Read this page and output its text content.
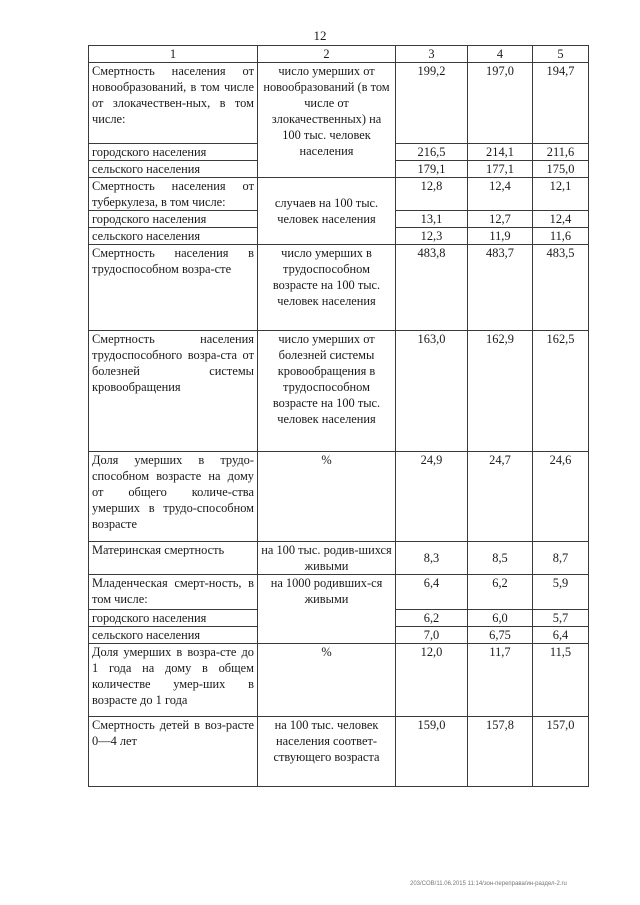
12
1	2	3	4	5
Смертность населения от новообразований, в том числе от злокачествен-ных, в том числе:	число умерших от новообразований (в том числе от злокачественных) на 100 тыс. человек населения	199,2	197,0	194,7
городского населения		216,5	214,1	211,6
сельского населения		179,1	177,1	175,0
Смертность населения от туберкулеза, в том числе:	случаев на 100 тыс. человек населения	12,8	12,4	12,1
городского населения		13,1	12,7	12,4
сельского населения		12,3	11,9	11,6
Смертность населения в трудоспособном возра-сте	число умерших в трудоспособном возрасте на 100 тыс. человек населения	483,8	483,7	483,5
Смертность населения трудоспособного возра-ста от болезней системы кровообращения	число умерших от болезней системы кровообращения в трудоспособном возрасте на 100 тыс. человек населения	163,0	162,9	162,5
Доля умерших в трудо-способном возрасте на дому от общего количе-ства умерших в трудо-способном возрасте	%	24,9	24,7	24,6
Материнская смертность	на 100 тыс. родив-шихся живыми	8,3	8,5	8,7
Младенческая смерт-ность, в том числе:	на 1000 родивших-ся живыми	6,4	6,2	5,9
городского населения		6,2	6,0	5,7
сельского населения		7,0	6,75	6,4
Доля умерших в возра-сте до 1 года на дому в общем количестве умер-ших в возрасте до 1 года	%	12,0	11,7	11,5
Смертность детей в воз-расте 0—4 лет	на 100 тыс. человек населения соответ-ствующего возраста	159,0	157,8	157,0
203/COB/11.06.2015 11:14/зон-переправа/ин-раздел-2.ru
